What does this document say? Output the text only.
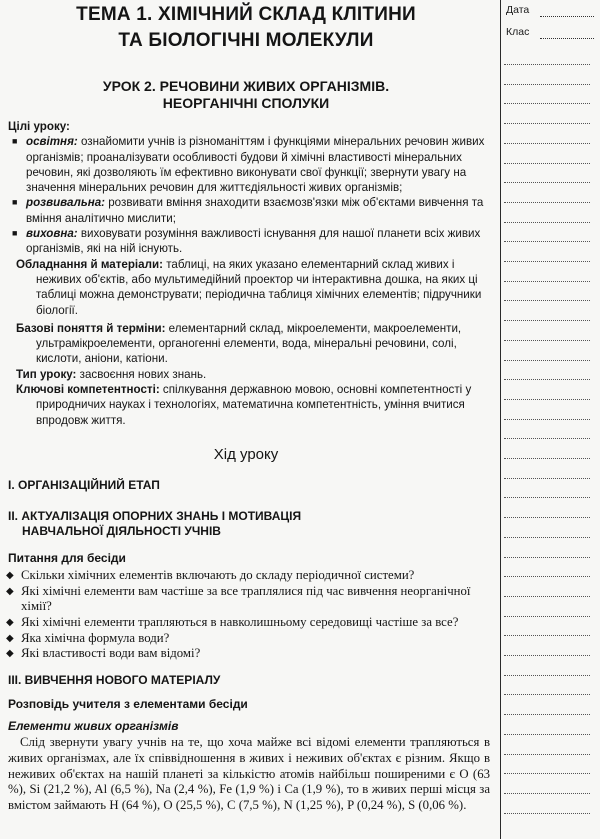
Дата
Клас

ТЕМА 1. ХІМІЧНИЙ СКЛАД КЛІТИНИ

ТА БІОЛОГІЧНІ МОЛЕКУЛИ

УРОК 2. РЕЧОВИНИ ЖИВИХ ОРГАНІЗМІВ.

НЕОРГАНІЧНІ СПОЛУКИ

Цілі уроку:
■ освітня: ознайомити учнів із різноманіттям і функціями мінеральних речовин живих організмів; проаналізувати особливості будови й хімічні властивості мінеральних речовин, які дозволяють їм ефективно виконувати свої функції; звернути увагу на значення мінеральних речовин для життєдіяльності живих організмів;
■ розвивальна: розвивати вміння знаходити взаємозв'язки між об'єктами вивчення та вміння аналітично мислити;
■ виховна: виховувати розуміння важливості існування для нашої планети всіх живих організмів, які на ній існують.

Обладнання й матеріали: таблиці, на яких указано елементарний склад живих і неживих об'єктів, або мультимедійний проектор чи інтерактивна дошка, на яких ці таблиці можна демонструвати; періодична таблиця хімічних елементів; підручники біології.

Базові поняття й терміни: елементарний склад, мікроелементи, макроелементи, ультрамікроелементи, органогенні елементи, вода, мінеральні речовини, солі, кислоти, аніони, катіони.

Тип уроку: засвоєння нових знань.

Ключові компетентності: спілкування державною мовою, основні компетентності у природничих науках і технологіях, математична компетентність, уміння вчитися впродовж життя.

Хід уроку

І. ОРГАНІЗАЦІЙНИЙ ЕТАП

ІІ. АКТУАЛІЗАЦІЯ ОПОРНИХ ЗНАНЬ І МОТИВАЦІЯ

НАВЧАЛЬНОЇ ДІЯЛЬНОСТІ УЧНІВ

Питання для бесіди

◆ Скільки хімічних елементів включають до складу періодичної системи?
◆ Які хімічні елементи вам частіше за все траплялися під час вивчення неорганічної хімії?
◆ Які хімічні елементи трапляються в навколишньому середовищі частіше за все?
◆ Яка хімічна формула води?
◆ Які властивості води вам відомі?

ІІІ. ВИВЧЕННЯ НОВОГО МАТЕРІАЛУ

Розповідь учителя з елементами бесіди

Елементи живих організмів

Слід звернути увагу учнів на те, що хоча майже всі відомі елементи трапляються в живих організмах, але їх співвідношення в живих і неживих об'єктах є різним. Якщо в неживих об'єктах на нашій планеті за кількістю атомів найбільш поширеними є O (63 %), Si (21,2 %), Al (6,5 %), Na (2,4 %), Fe (1,9 %) і Ca (1,9 %), то в живих перші місця за вмістом займають H (64 %), O (25,5 %), C (7,5 %), N (1,25 %), P (0,24 %), S (0,06 %).
